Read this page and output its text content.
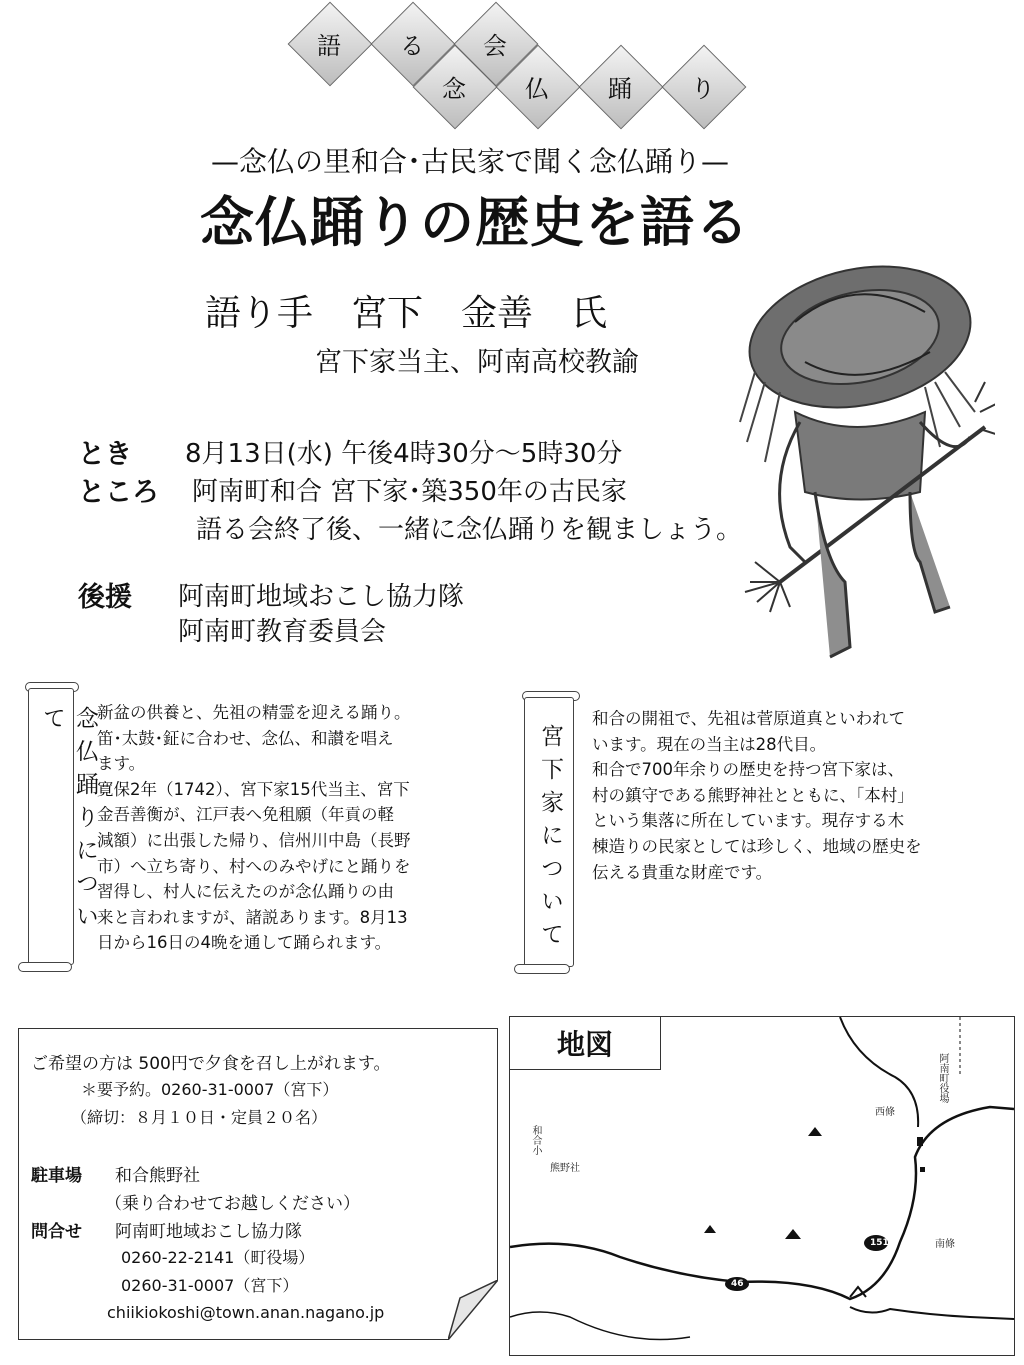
語	る	会
念	仏	踊	り
—念仏の里和合･古民家で聞く念仏踊り—
念仏踊りの歴史を語る
語り手 宮下 金善 氏
宮下家当主、阿南高校教諭
とき 8月13日(水) 午後4時30分～5時30分
ところ 阿南町和合 宮下家･築350年の古民家
語る会終了後、一緒に念仏踊りを観ましょう。
後援 阿南町地域おこし協力隊
阿南町教育委員会
念仏踊りについて	新盆の供養と、先祖の精霊を迎える踊り。
笛･太鼓･鉦に合わせ、念仏、和讃を唱え
ます。
寛保2年（1742）、宮下家15代当主、宮下
金吾善衡が、江戸表へ免租願（年貢の軽
減額）に出張した帰り、信州川中島（長野
市）へ立ち寄り、村へのみやげにと踊りを
習得し、村人に伝えたのが念仏踊りの由
来と言われますが、諸説あります。8月13
日から16日の4晩を通して踊られます。	宮下家について
和合の開祖で、先祖は菅原道真といわれて
います。現在の当主は28代目。
和合で700年余りの歴史を持つ宮下家は、
村の鎮守である熊野神社とともに、｢本村｣
という集落に所在しています。現存する木
棟造りの民家としては珍しく、地域の歴史を
伝える貴重な財産です。
ご希望の方は 500円で夕食を召し上がれます。
＊要予約。0260-31-0007（宮下）
（締切：８月１０日・定員２０名）
駐車場 和合熊野社
（乗り合わせてお越しください）
問合せ 阿南町地域おこし協力隊
0260-22-2141（町役場）
0260-31-0007（宮下）
chiikiokoshi@town.anan.nagano.jp
地図
阿南町役場
西條
南條
和合小
熊野社
151
46
